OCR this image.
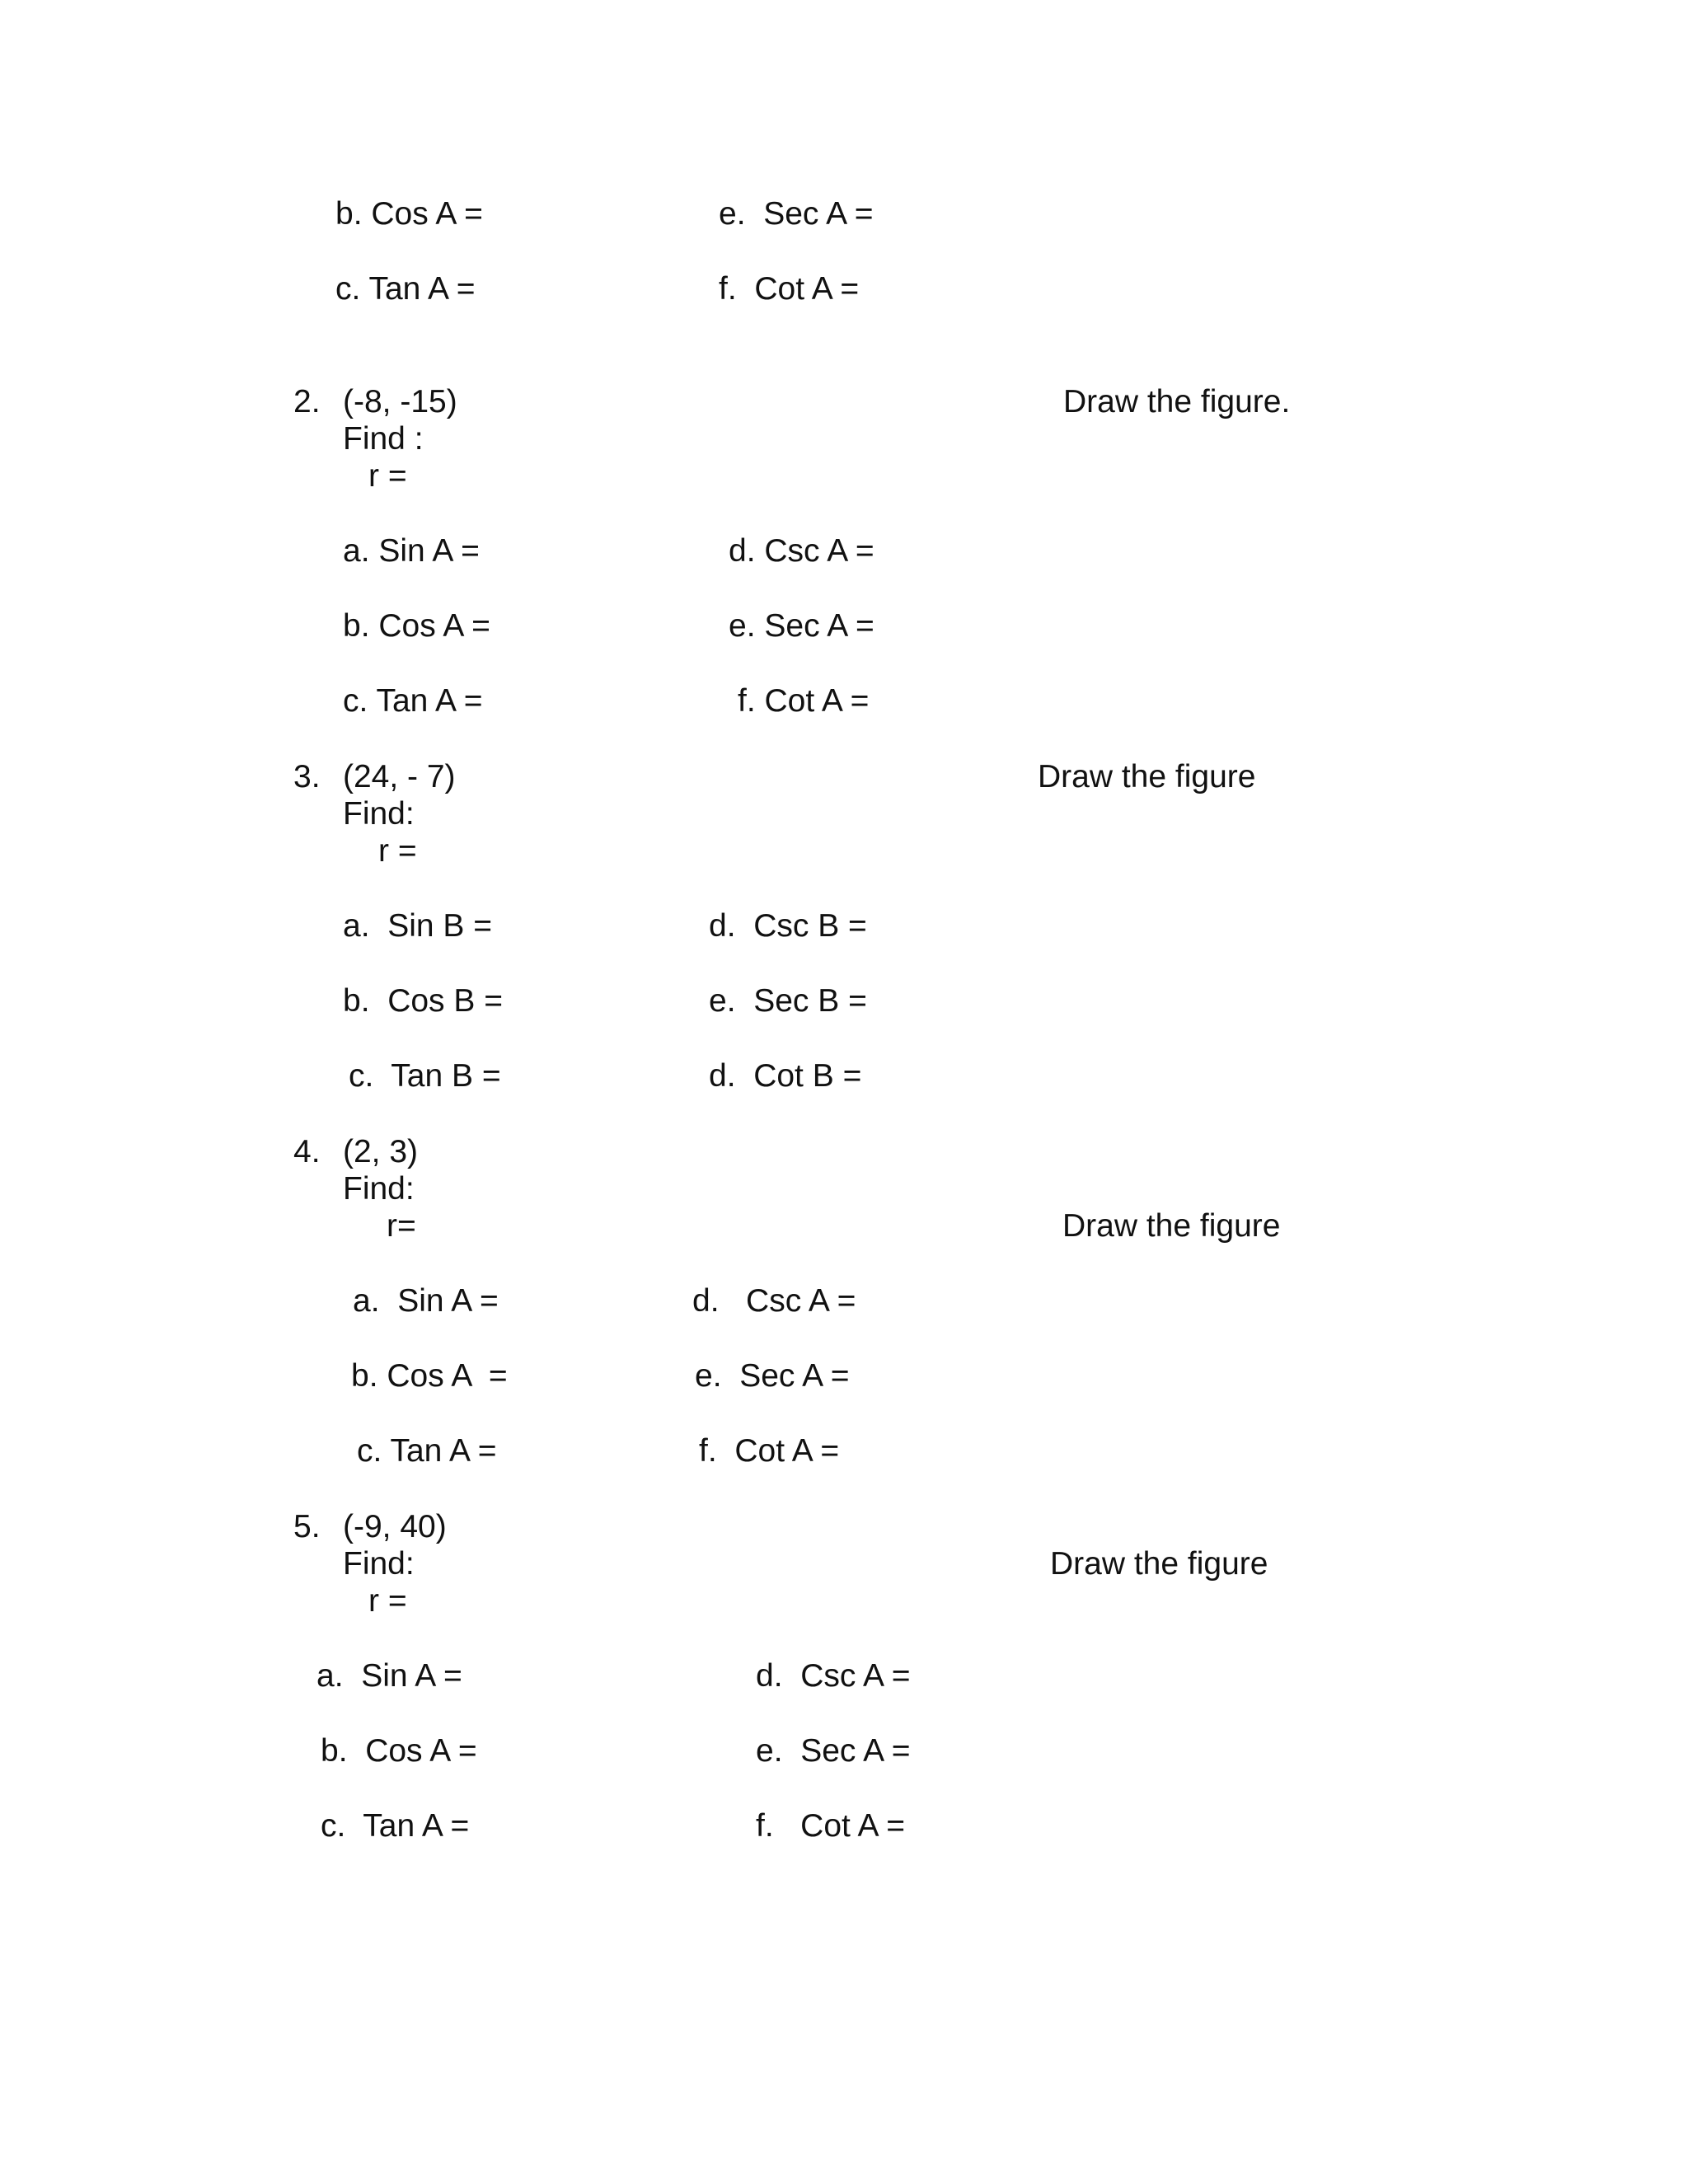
b. Cos A =	e.  Sec A =
c. Tan A =	f.  Cot A =
2. (-8, -15)	Draw the figure.
Find :
r =
a. Sin A =	d. Csc A =
b. Cos A =	e. Sec A =
c. Tan A =	f. Cot A =
3. (24, - 7)	Draw the figure
Find:
r =
a.  Sin B =	d.  Csc B =
b.  Cos B =	e.  Sec B =
c.  Tan B =	d.  Cot B =
4. (2, 3)
Find:
r=	Draw the figure
a.  Sin A =	d.   Csc A =
b. Cos A  =	e.  Sec A =
c. Tan A =	f.  Cot A =
5. (-9, 40)
Find:	Draw the figure
r =
a.  Sin A =	d.  Csc A =
b.  Cos A =	e.  Sec A =
c.  Tan A =	f.   Cot A =
